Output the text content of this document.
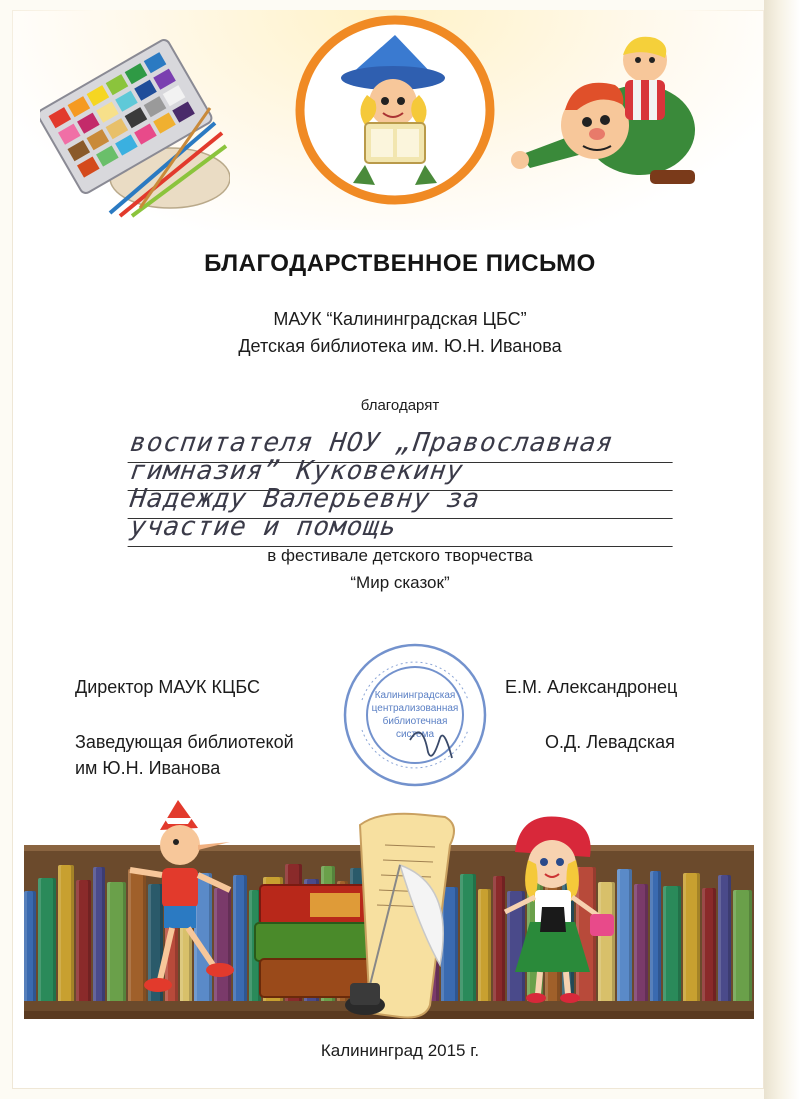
БЛАГОДАРСТВЕННОЕ ПИСЬМО
МАУК “Калининградская ЦБС”
Детская библиотека им. Ю.Н. Иванова
благодарят
воспитателя НОУ „Православная
гимназия” Куковекину
Надежду Валерьевну за
участие и помощь
в фестивале детского творчества
“Мир сказок”
Калининградская
централизованная
библиотечная
система
Директор МАУК КЦБС	Е.М. Александронец
Заведующая библиотекой
им Ю.Н. Иванова
О.Д. Левадская
Калининград 2015 г.
